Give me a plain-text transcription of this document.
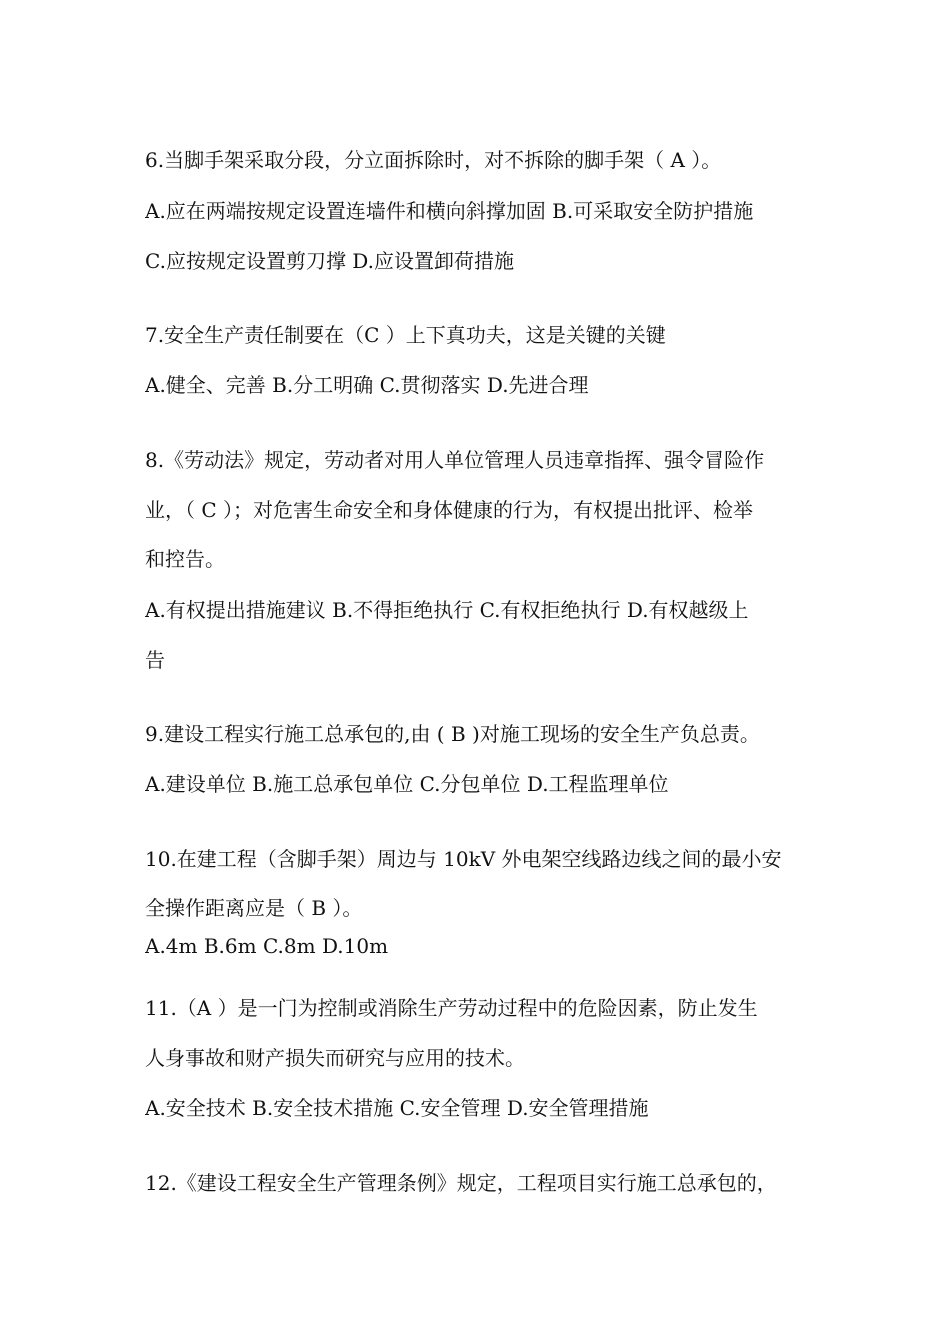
6.当脚手架采取分段，分立面拆除时，对不拆除的脚手架（ A ）。
A.应在两端按规定设置连墙件和横向斜撑加固 B.可采取安全防护措施
C.应按规定设置剪刀撑 D.应设置卸荷措施
7.安全生产责任制要在（C ）上下真功夫，这是关键的关键
A.健全、完善 B.分工明确 C.贯彻落实 D.先进合理
8.《劳动法》规定，劳动者对用人单位管理人员违章指挥、强令冒险作
业，（ C ）；对危害生命安全和身体健康的行为，有权提出批评、检举
和控告。
A.有权提出措施建议 B.不得拒绝执行 C.有权拒绝执行 D.有权越级上
告
9.建设工程实行施工总承包的,由 ( B )对施工现场的安全生产负总责。
A.建设单位 B.施工总承包单位 C.分包单位 D.工程监理单位
10.在建工程（含脚手架）周边与 10kV 外电架空线路边线之间的最小安
全操作距离应是（ B ）。
A.4m B.6m C.8m D.10m
11.（A ）是一门为控制或消除生产劳动过程中的危险因素，防止发生
人身事故和财产损失而研究与应用的技术。
A.安全技术 B.安全技术措施 C.安全管理 D.安全管理措施
12.《建设工程安全生产管理条例》规定，工程项目实行施工总承包的，
